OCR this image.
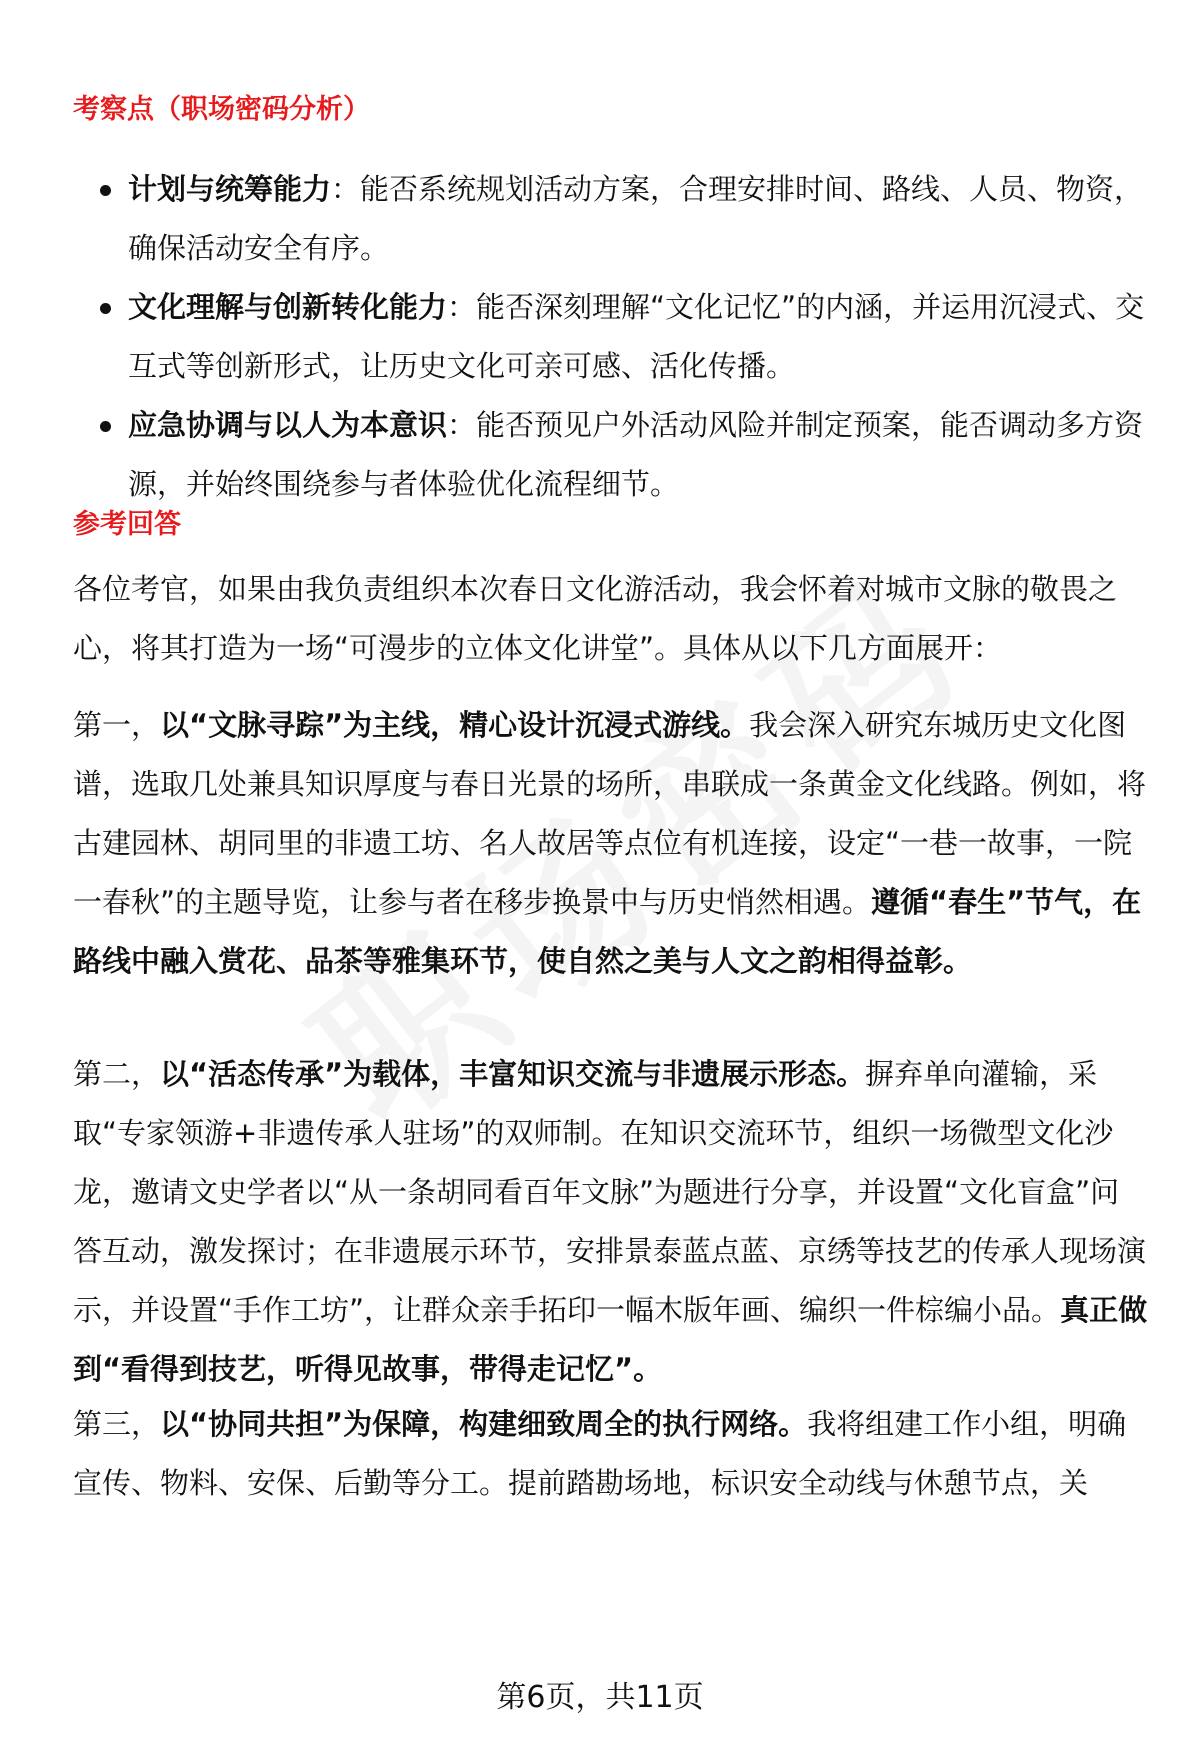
考察点（职场密码分析）
计划与统筹能力：能否系统规划活动方案，合理安排时间、路线、人员、物资，确保活动安全有序。
文化理解与创新转化能力：能否深刻理解“文化记忆”的内涵，并运用沉浸式、交互式等创新形式，让历史文化可亲可感、活化传播。
应急协调与以人为本意识：能否预见户外活动风险并制定预案，能否调动多方资源，并始终围绕参与者体验优化流程细节。
参考回答

各位考官，如果由我负责组织本次春日文化游活动，我会怀着对城市文脉的敬畏之心，将其打造为一场“可漫步的立体文化讲堂”。具体从以下几方面展开：

第一，以“文脉寻踪”为主线，精心设计沉浸式游线。我会深入研究东城历史文化图谱，选取几处兼具知识厚度与春日光景的场所，串联成一条黄金文化线路。例如，将古建园林、胡同里的非遗工坊、名人故居等点位有机连接，设定“一巷一故事，一院一春秋”的主题导览，让参与者在移步换景中与历史悄然相遇。遵循“春生”节气，在路线中融入赏花、品茶等雅集环节，使自然之美与人文之韵相得益彰。

第二，以“活态传承”为载体，丰富知识交流与非遗展示形态。摒弃单向灌输，采取“专家领游+非遗传承人驻场”的双师制。在知识交流环节，组织一场微型文化沙龙，邀请文史学者以“从一条胡同看百年文脉”为题进行分享，并设置“文化盲盒”问答互动，激发探讨；在非遗展示环节，安排景泰蓝点蓝、京绣等技艺的传承人现场演示，并设置“手作工坊”，让群众亲手拓印一幅木版年画、编织一件棕编小品。真正做到“看得到技艺，听得见故事，带得走记忆”。

第三，以“协同共担”为保障，构建细致周全的执行网络。我将组建工作小组，明确宣传、物料、安保、后勤等分工。提前踏勘场地，标识安全动线与休憩节点，关

第6页，共11页
